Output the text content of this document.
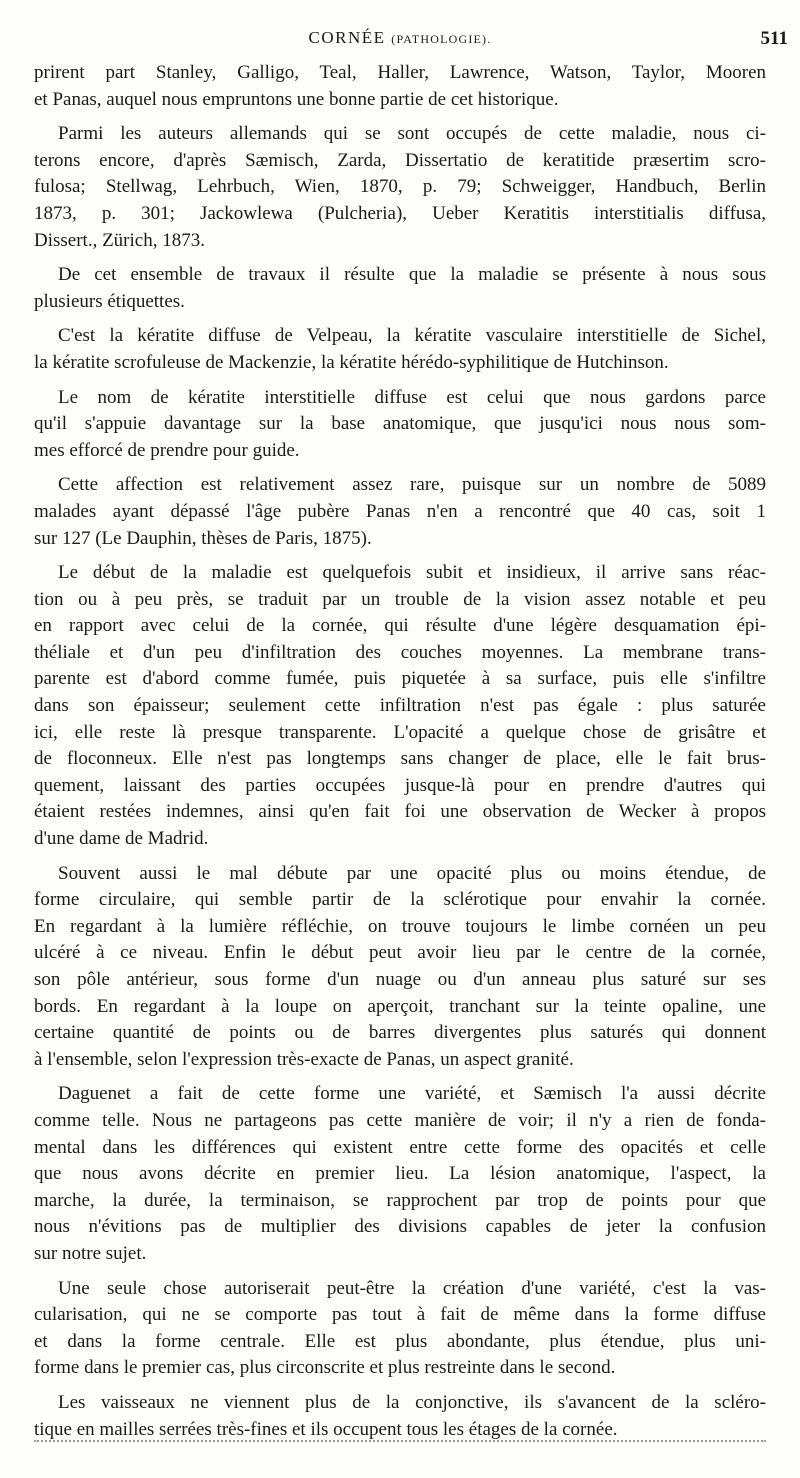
CORNÉE (PATHOLOGIE).	511
prirent part Stanley, Galligo, Teal, Haller, Lawrence, Watson, Taylor, Mooren
et Panas, auquel nous empruntons une bonne partie de cet historique.
Parmi les auteurs allemands qui se sont occupés de cette maladie, nous ci-
terons encore, d'après Sæmisch, Zarda, Dissertatio de keratitide præsertim scro-
fulosa; Stellwag, Lehrbuch, Wien, 1870, p. 79; Schweigger, Handbuch, Berlin
1873, p. 301; Jackowlewa (Pulcheria), Ueber Keratitis interstitialis diffusa,
Dissert., Zürich, 1873.
De cet ensemble de travaux il résulte que la maladie se présente à nous sous
plusieurs étiquettes.
C'est la kératite diffuse de Velpeau, la kératite vasculaire interstitielle de Sichel,
la kératite scrofuleuse de Mackenzie, la kératite hérédo-syphilitique de Hutchinson.
Le nom de kératite interstitielle diffuse est celui que nous gardons parce
qu'il s'appuie davantage sur la base anatomique, que jusqu'ici nous nous som-
mes efforcé de prendre pour guide.
Cette affection est relativement assez rare, puisque sur un nombre de 5089
malades ayant dépassé l'âge pubère Panas n'en a rencontré que 40 cas, soit 1
sur 127 (Le Dauphin, thèses de Paris, 1875).
Le début de la maladie est quelquefois subit et insidieux, il arrive sans réac-
tion ou à peu près, se traduit par un trouble de la vision assez notable et peu
en rapport avec celui de la cornée, qui résulte d'une légère desquamation épi-
théliale et d'un peu d'infiltration des couches moyennes. La membrane trans-
parente est d'abord comme fumée, puis piquetée à sa surface, puis elle s'infiltre
dans son épaisseur; seulement cette infiltration n'est pas égale : plus saturée
ici, elle reste là presque transparente. L'opacité a quelque chose de grisâtre et
de floconneux. Elle n'est pas longtemps sans changer de place, elle le fait brus-
quement, laissant des parties occupées jusque-là pour en prendre d'autres qui
étaient restées indemnes, ainsi qu'en fait foi une observation de Wecker à propos
d'une dame de Madrid.
Souvent aussi le mal débute par une opacité plus ou moins étendue, de
forme circulaire, qui semble partir de la sclérotique pour envahir la cornée.
En regardant à la lumière réfléchie, on trouve toujours le limbe cornéen un peu
ulcéré à ce niveau. Enfin le début peut avoir lieu par le centre de la cornée,
son pôle antérieur, sous forme d'un nuage ou d'un anneau plus saturé sur ses
bords. En regardant à la loupe on aperçoit, tranchant sur la teinte opaline, une
certaine quantité de points ou de barres divergentes plus saturés qui donnent
à l'ensemble, selon l'expression très-exacte de Panas, un aspect granité.
Daguenet a fait de cette forme une variété, et Sæmisch l'a aussi décrite
comme telle. Nous ne partageons pas cette manière de voir; il n'y a rien de fonda-
mental dans les différences qui existent entre cette forme des opacités et celle
que nous avons décrite en premier lieu. La lésion anatomique, l'aspect, la
marche, la durée, la terminaison, se rapprochent par trop de points pour que
nous n'évitions pas de multiplier des divisions capables de jeter la confusion
sur notre sujet.
Une seule chose autoriserait peut-être la création d'une variété, c'est la vas-
cularisation, qui ne se comporte pas tout à fait de même dans la forme diffuse
et dans la forme centrale. Elle est plus abondante, plus étendue, plus uni-
forme dans le premier cas, plus circonscrite et plus restreinte dans le second.
Les vaisseaux ne viennent plus de la conjonctive, ils s'avancent de la scléro-
tique en mailles serrées très-fines et ils occupent tous les étages de la cornée.
